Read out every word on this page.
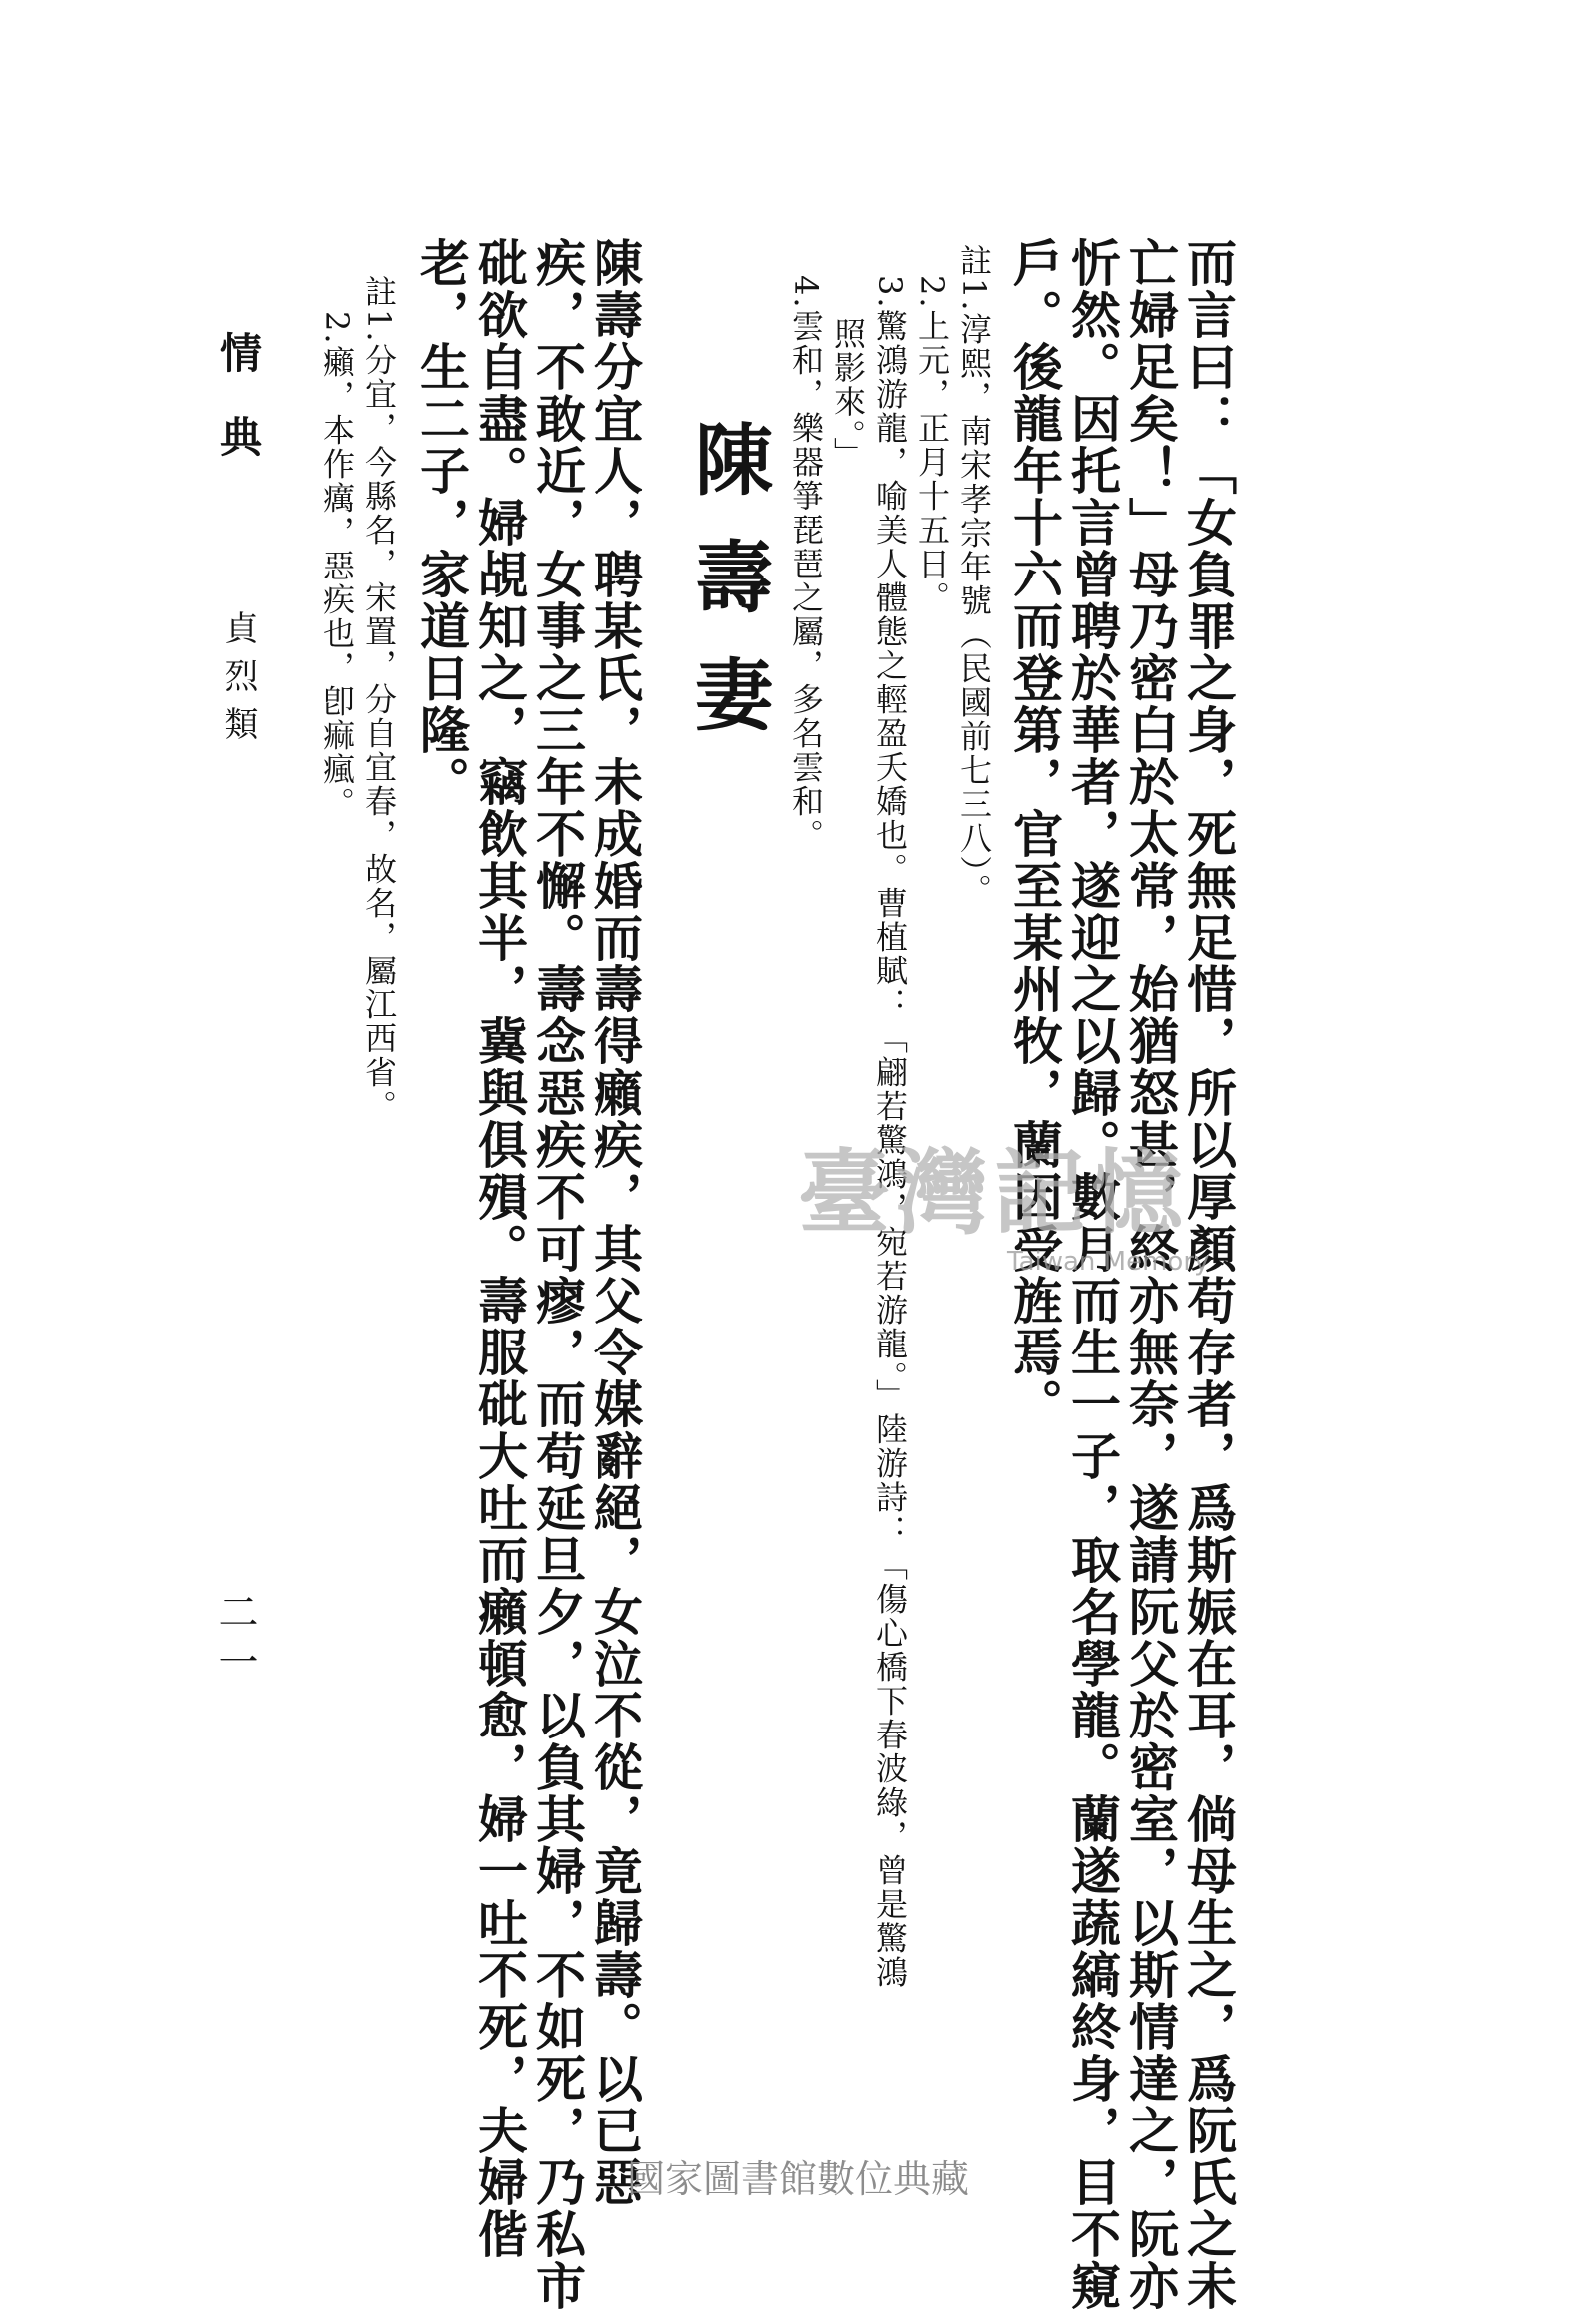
而言曰：「女負罪之身，死無足惜，所以厚顏苟存者，爲斯娠在耳，倘母生之，爲阮氏之未
亡婦足矣！」母乃密白於太常，始猶怒甚，終亦無奈，遂請阮父於密室，以斯情達之，阮亦
忻然。因托言曾聘於華者，遂迎之以歸。數月而生一子，取名學龍。蘭遂蔬縞終身，目不窺
戶。後龍年十六而登第，官至某州牧，蘭因受旌焉。
註1.淳熙，南宋孝宗年號（民國前七三八）。
2.上元，正月十五日。
3.驚鴻游龍，喻美人體態之輕盈夭嬌也。曹植賦：「翩若驚鴻，宛若游龍。」陸游詩：「傷心橋下春波綠，曾是驚鴻
照影來。」
4.雲和，樂器箏琵琶之屬，多名雲和。
陳壽妻
陳壽分宜人，聘某氏，未成婚而壽得癩疾，其父令媒辭絕，女泣不從，竟歸壽。以已惡
疾，不敢近，女事之三年不懈。壽念惡疾不可瘳，而苟延旦夕，以負其婦，不如死，乃私市
砒欲自盡。婦覘知之，竊飲其半，冀與俱殞。壽服砒大吐而癩頓愈，婦一吐不死，夫婦偕
老，生二子，家道日隆。
註1.分宜，今縣名，宋置，分自宜春，故名，屬江西省。
2.癩，本作癘，惡疾也，卽痲瘋。
情　典
貞烈類
二一
臺灣記憶
Taiwan Memory
國家圖書館數位典藏
